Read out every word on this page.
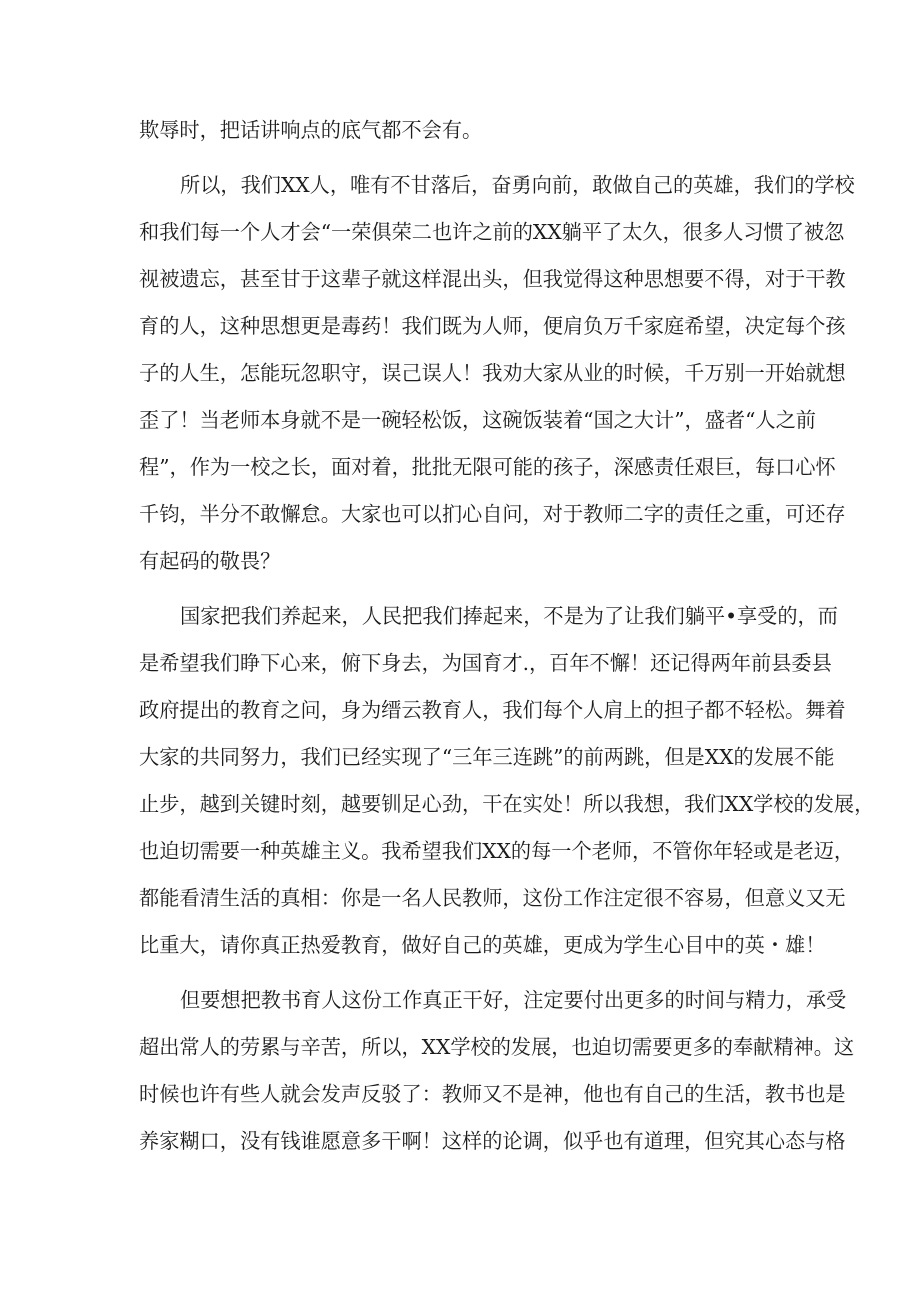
欺辱时，把话讲响点的底气都不会有。
所以，我们XX人，唯有不甘落后，奋勇向前，敢做自己的英雄，我们的学校
和我们每一个人才会“一荣俱荣二也许之前的XX躺平了太久，很多人习惯了被忽
视被遗忘，甚至甘于这辈子就这样混出头，但我觉得这种思想要不得，对于干教
育的人，这种思想更是毒药！我们既为人师，便肩负万千家庭希望，决定每个孩
子的人生，怎能玩忽职守，误己误人！我劝大家从业的时候，千万别一开始就想
歪了！当老师本身就不是一碗轻松饭，这碗饭装着“国之大计”，盛者“人之前
程”，作为一校之长，面对着，批批无限可能的孩子，深感责任艰巨，每口心怀
千钧，半分不敢懈怠。大家也可以扪心自问，对于教师二字的责任之重，可还存
有起码的敬畏？
国家把我们养起来，人民把我们捧起来，不是为了让我们躺平•享受的，而
是希望我们睁下心来，俯下身去，为国育才.，百年不懈！还记得两年前县委县
政府提出的教育之问，身为缙云教育人，我们每个人肩上的担子都不轻松。舞着
大家的共同努力，我们已经实现了“三年三连跳”的前两跳，但是XX的发展不能
止步，越到关键时刻，越要钏足心劲，干在实处！所以我想，我们XX学校的发展，
也迫切需要一种英雄主义。我希望我们XX的每一个老师，不管你年轻或是老迈，
都能看清生活的真相：你是一名人民教师，这份工作注定很不容易，但意义又无
比重大，请你真正热爱教育，做好自己的英雄，更成为学生心目中的英・雄！
但要想把教书育人这份工作真正干好，注定要付出更多的时间与精力，承受
超出常人的劳累与辛苦，所以，XX学校的发展，也迫切需要更多的奉献精神。这
时候也许有些人就会发声反驳了：教师又不是神，他也有自己的生活，教书也是
养家糊口，没有钱谁愿意多干啊！这样的论调，似乎也有道理，但究其心态与格
